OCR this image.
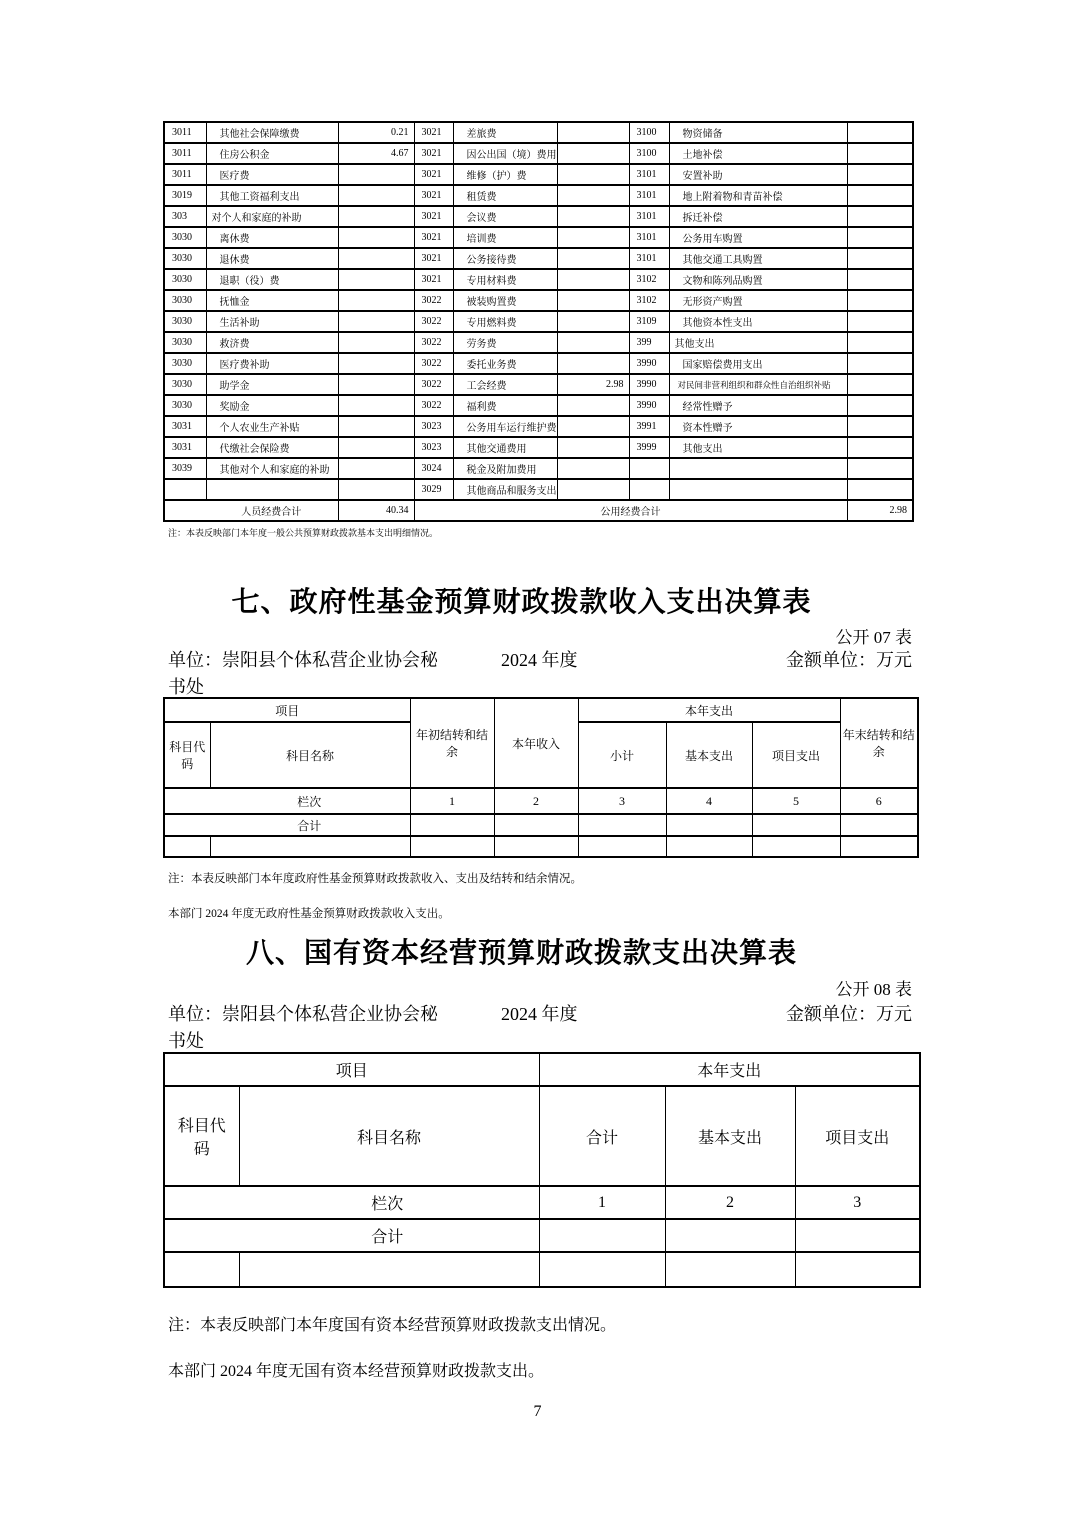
3011	其他社会保障缴费	0.21	3021	差旅费		3100	物资储备	
3011	住房公积金	4.67	3021	因公出国（境）费用		3100	土地补偿	
3011	医疗费		3021	维修（护）费		3101	安置补助	
3019	其他工资福利支出		3021	租赁费		3101	地上附着物和青苗补偿	
303	对个人和家庭的补助		3021	会议费		3101	拆迁补偿	
3030	离休费		3021	培训费		3101	公务用车购置	
3030	退休费		3021	公务接待费		3101	其他交通工具购置	
3030	退职（役）费		3021	专用材料费		3102	文物和陈列品购置	
3030	抚恤金		3022	被装购置费		3102	无形资产购置	
3030	生活补助		3022	专用燃料费		3109	其他资本性支出	
3030	救济费		3022	劳务费		399	其他支出	
3030	医疗费补助		3022	委托业务费		3990	国家赔偿费用支出	
3030	助学金		3022	工会经费	2.98	3990	对民间非营利组织和群众性自治组织补贴	
3030	奖励金		3022	福利费		3990	经常性赠予	
3031	个人农业生产补贴		3023	公务用车运行维护费		3991	资本性赠予	
3031	代缴社会保险费		3023	其他交通费用		3999	其他支出	
3039	其他对个人和家庭的补助		3024	税金及附加费用				
			3029	其他商品和服务支出				
人员经费合计		40.34	公用经费合计					2.98
注：本表反映部门本年度一般公共预算财政拨款基本支出明细情况。
七、政府性基金预算财政拨款收入支出决算表
公开 07 表
单位：崇阳县个体私营企业协会秘
书处
2024 年度	金额单位：万元
项目		年初结转和结余	本年收入	本年支出			年末结转和结余
科目代码	科目名称			小计	基本支出	项目支出	
栏次		1	2	3	4	5	6
合计							

注：本表反映部门本年度政府性基金预算财政拨款收入、支出及结转和结余情况。
本部门 2024 年度无政府性基金预算财政拨款收入支出。
八、国有资本经营预算财政拨款支出决算表
公开 08 表
单位：崇阳县个体私营企业协会秘
书处
2024 年度	金额单位：万元
项目		本年支出		
科目代码	科目名称	合计	基本支出	项目支出
栏次		1	2	3
合计				

注：本表反映部门本年度国有资本经营预算财政拨款支出情况。
本部门 2024 年度无国有资本经营预算财政拨款支出。
7
